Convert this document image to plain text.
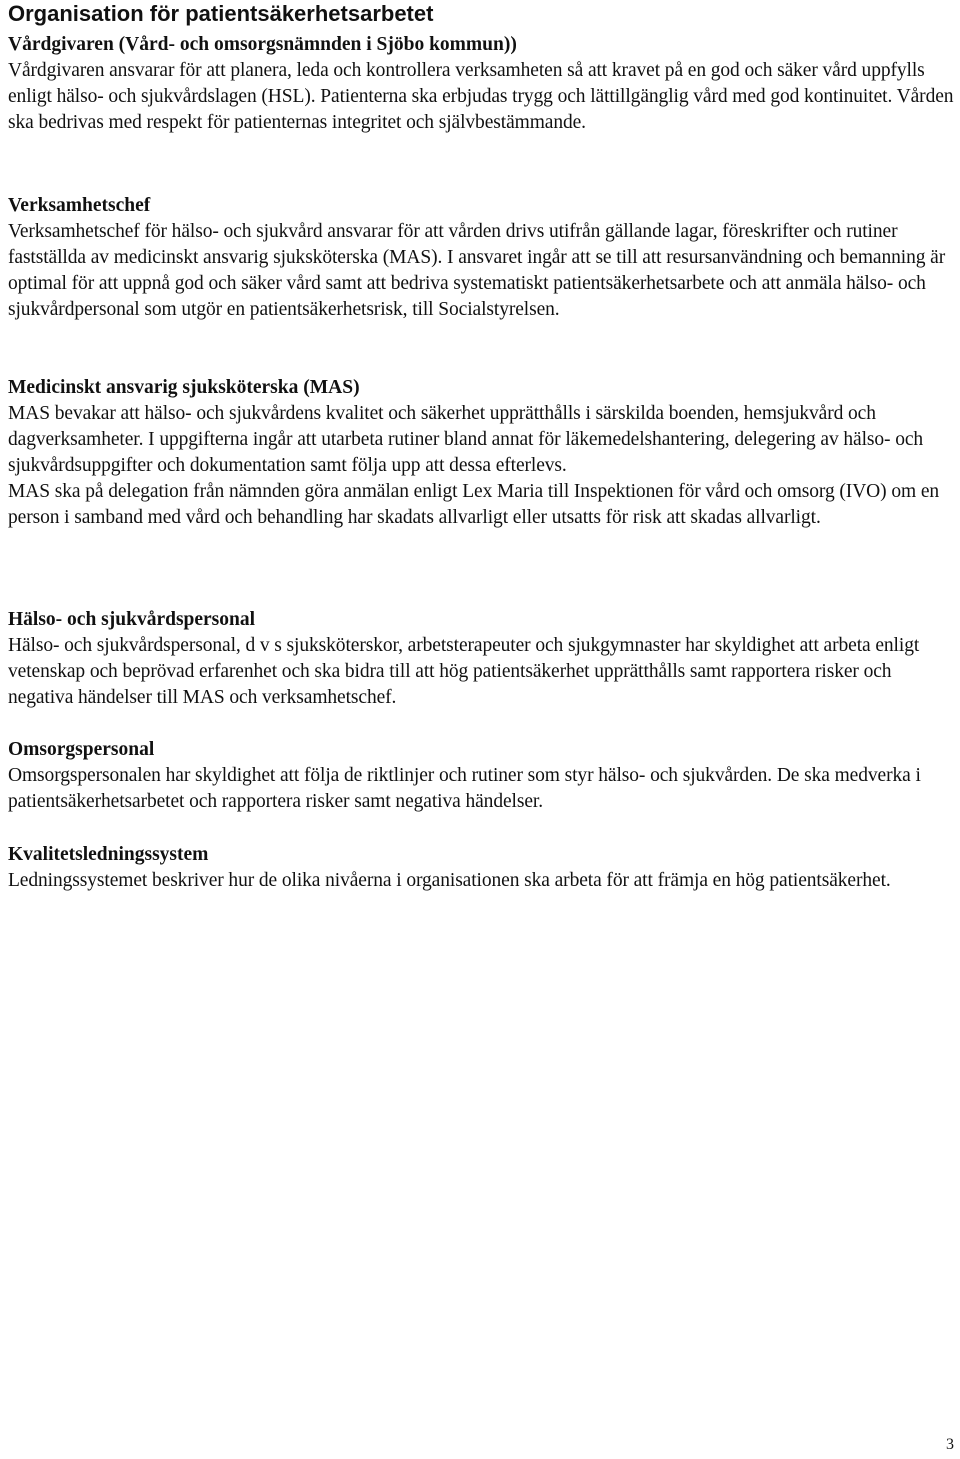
Organisation för patientsäkerhetsarbetet
Vårdgivaren (Vård- och omsorgsnämnden i Sjöbo kommun))

Vårdgivaren ansvarar för att planera, leda och kontrollera verksamheten så att kravet på en god och säker vård uppfylls enligt hälso- och sjukvårdslagen (HSL). Patienterna ska erbjudas trygg och lättillgänglig vård med god kontinuitet. Vården ska bedrivas med respekt för patienternas integritet och självbestämmande.

Verksamhetschef

Verksamhetschef för hälso- och sjukvård ansvarar för att vården drivs utifrån gällande lagar, föreskrifter och rutiner fastställda av medicinskt ansvarig sjuksköterska (MAS). I ansvaret ingår att se till att resursanvändning och bemanning är optimal för att uppnå god och säker vård samt att bedriva systematiskt patientsäkerhetsarbete och att anmäla hälso- och sjukvårdpersonal som utgör en patientsäkerhetsrisk, till Socialstyrelsen.

Medicinskt ansvarig sjuksköterska (MAS)

MAS bevakar att hälso- och sjukvårdens kvalitet och säkerhet upprätthålls i särskilda boenden, hemsjukvård och dagverksamheter. I uppgifterna ingår att utarbeta rutiner bland annat för läkemedelshantering, delegering av hälso- och sjukvårdsuppgifter och dokumentation samt följa upp att dessa efterlevs.

MAS ska på delegation från nämnden göra anmälan enligt Lex Maria till Inspektionen för vård och omsorg (IVO) om en person i samband med vård och behandling har skadats allvarligt eller utsatts för risk att skadas allvarligt.

Hälso- och sjukvårdspersonal

Hälso- och sjukvårdspersonal, d v s sjuksköterskor, arbetsterapeuter och sjukgymnaster har skyldighet att arbeta enligt vetenskap och beprövad erfarenhet och ska bidra till att hög patientsäkerhet upprätthålls samt rapportera risker och negativa händelser till MAS och verksamhetschef.

Omsorgspersonal

Omsorgspersonalen har skyldighet att följa de riktlinjer och rutiner som styr hälso- och sjukvården. De ska medverka i patientsäkerhetsarbetet och rapportera risker samt negativa händelser.

Kvalitetsledningssystem

Ledningssystemet beskriver hur de olika nivåerna i organisationen ska arbeta för att främja en hög patientsäkerhet.

3
